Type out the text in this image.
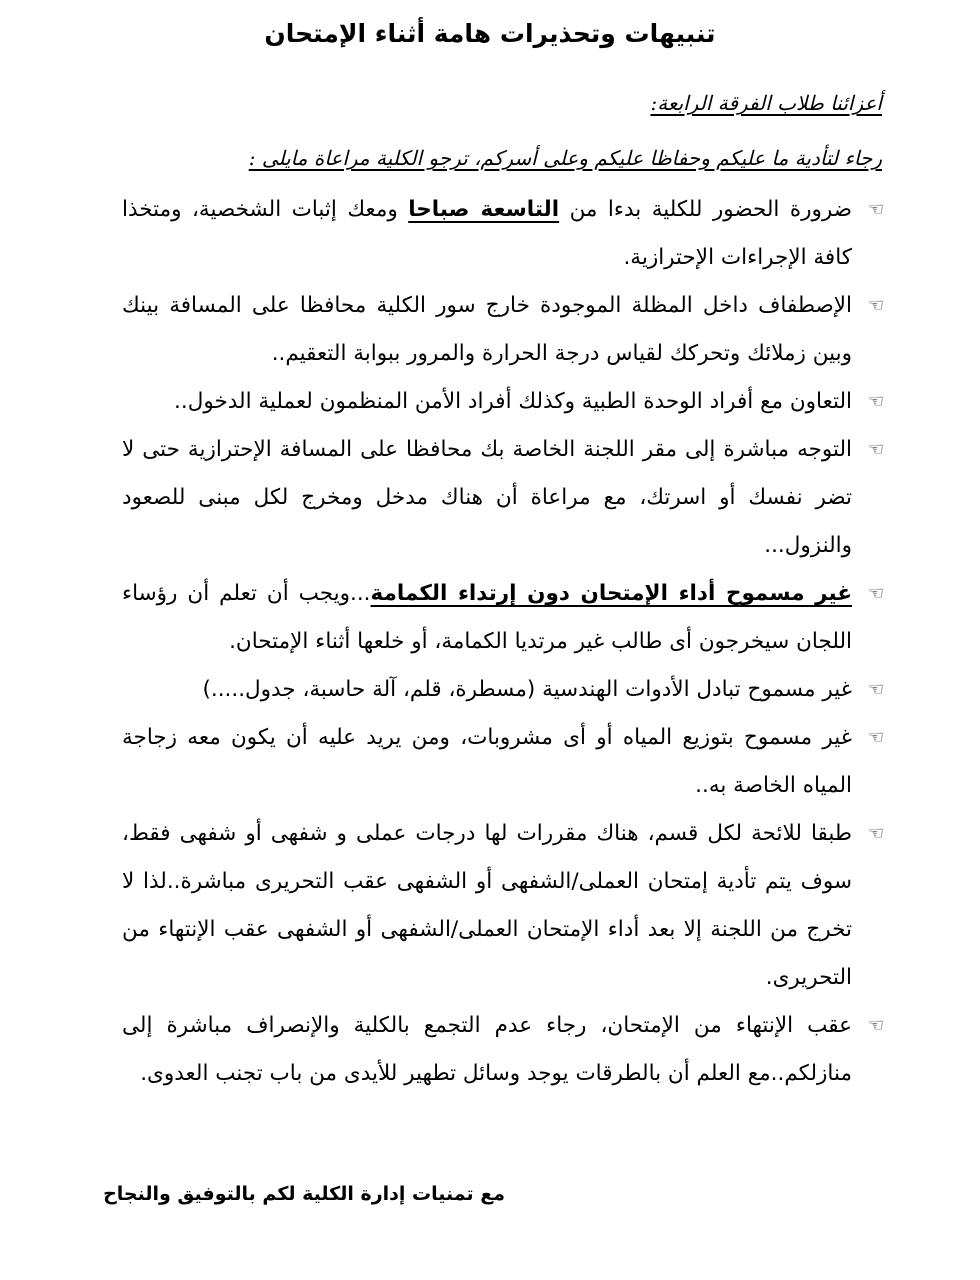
تنبيهات وتحذيرات هامة أثناء الإمتحان
أعزائنا طلاب الفرقة الرابعة:
رجاء لتأدية ما عليكم وحفاظا عليكم وعلى أسركم، ترجو الكلية مراعاة مايلى :
☜
ضرورة الحضور للكلية بدءا من التاسعة صباحا ومعك إثبات الشخصية، ومتخذا كافة الإجراءات الإحترازية.
☜
الإصطفاف داخل المظلة الموجودة خارج سور الكلية محافظا على المسافة بينك وبين زملائك وتحركك لقياس درجة الحرارة والمرور ببوابة التعقيم..
☜
التعاون مع أفراد الوحدة الطبية وكذلك أفراد الأمن المنظمون لعملية الدخول..
☜
التوجه مباشرة إلى مقر اللجنة الخاصة بك محافظا على المسافة الإحترازية حتى لا تضر نفسك أو اسرتك، مع مراعاة أن هناك مدخل ومخرج لكل مبنى للصعود والنزول...
☜
غير مسموح أداء الإمتحان دون إرتداء الكمامة...ويجب أن تعلم أن رؤساء اللجان سيخرجون أى طالب غير مرتديا الكمامة، أو خلعها أثناء الإمتحان.
☜
غير مسموح تبادل الأدوات الهندسية (مسطرة، قلم، آلة حاسبة، جدول.....)
☜
غير مسموح بتوزيع المياه أو أى مشروبات، ومن يريد عليه أن يكون معه زجاجة المياه الخاصة به..
☜
طبقا للائحة لكل قسم، هناك مقررات لها درجات عملى و شفهى أو شفهى فقط، سوف يتم تأدية إمتحان العملى/الشفهى أو الشفهى عقب التحريرى مباشرة..لذا لا تخرج من اللجنة إلا بعد أداء الإمتحان العملى/الشفهى أو الشفهى عقب الإنتهاء من التحريرى.
☜
عقب الإنتهاء من الإمتحان، رجاء عدم التجمع بالكلية والإنصراف مباشرة إلى منازلكم..مع العلم أن بالطرقات يوجد وسائل تطهير للأيدى من باب تجنب العدوى.
مع تمنيات إدارة الكلية لكم بالتوفيق والنجاح
